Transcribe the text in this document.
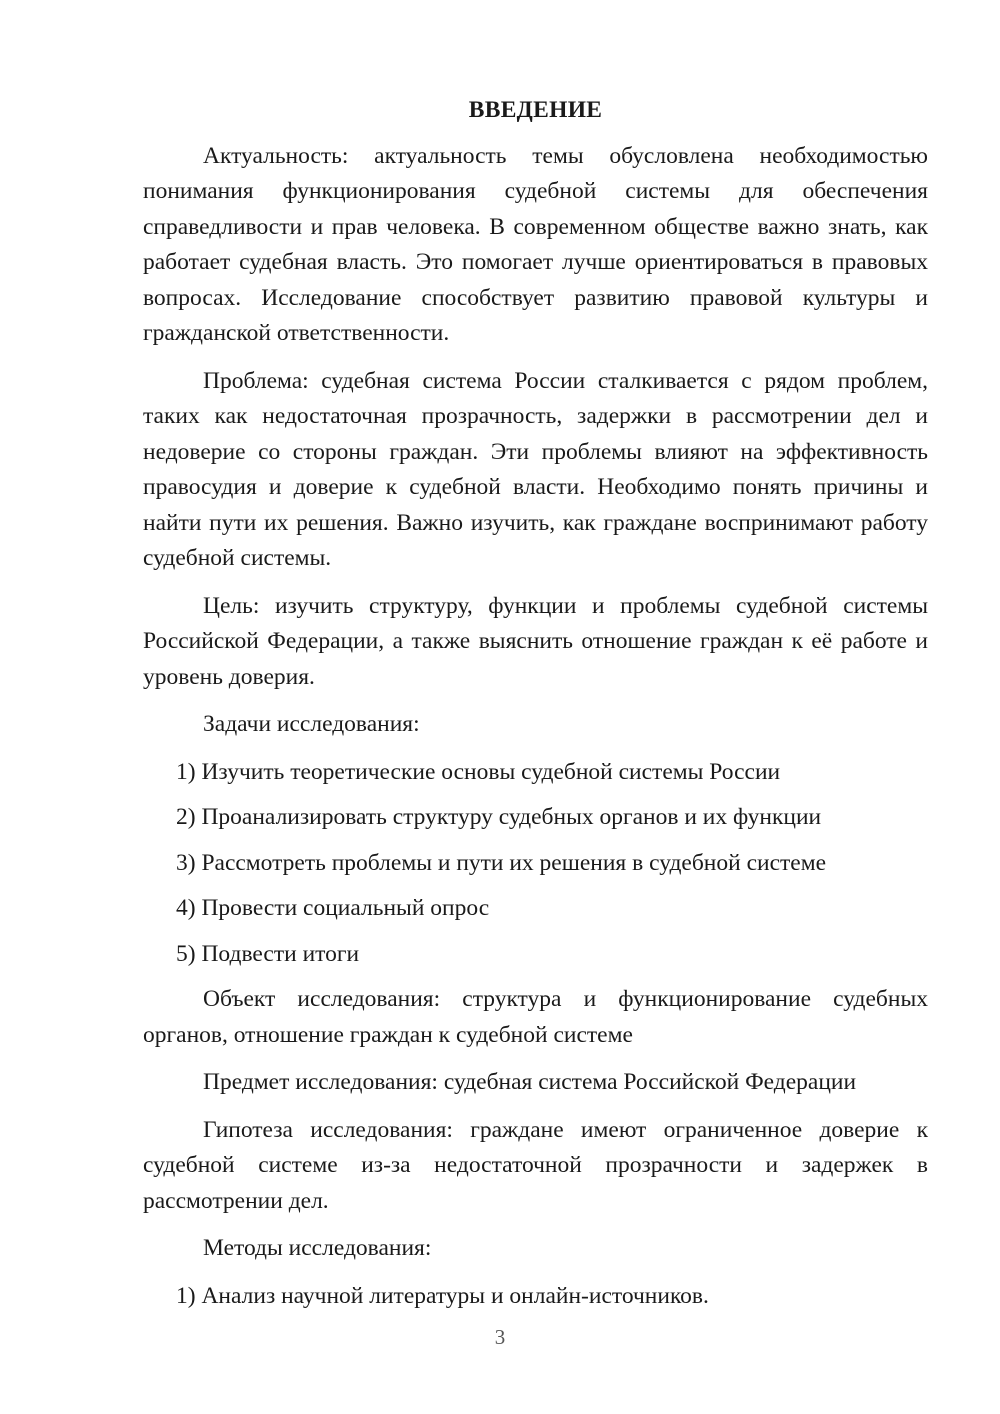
ВВЕДЕНИЕ

Актуальность: актуальность темы обусловлена необходимостью понимания функционирования судебной системы для обеспечения справедливости и прав человека. В современном обществе важно знать, как работает судебная власть. Это помогает лучше ориентироваться в правовых вопросах. Исследование способствует развитию правовой культуры и гражданской ответственности.

Проблема: судебная система России сталкивается с рядом проблем, таких как недостаточная прозрачность, задержки в рассмотрении дел и недоверие со стороны граждан. Эти проблемы влияют на эффективность правосудия и доверие к судебной власти. Необходимо понять причины и найти пути их решения. Важно изучить, как граждане воспринимают работу судебной системы.

Цель: изучить структуру, функции и проблемы судебной системы Российской Федерации, а также выяснить отношение граждан к её работе и уровень доверия.

Задачи исследования:

1) Изучить теоретические основы судебной системы России
2) Проанализировать структуру судебных органов и их функции
3) Рассмотреть проблемы и пути их решения в судебной системе
4) Провести социальный опрос
5) Подвести итоги

Объект исследования: структура и функционирование судебных органов, отношение граждан к судебной системе

Предмет исследования: судебная система Российской Федерации

Гипотеза исследования: граждане имеют ограниченное доверие к судебной системе из-за недостаточной прозрачности и задержек в рассмотрении дел.

Методы исследования:

1) Анализ научной литературы и онлайн-источников.
3
